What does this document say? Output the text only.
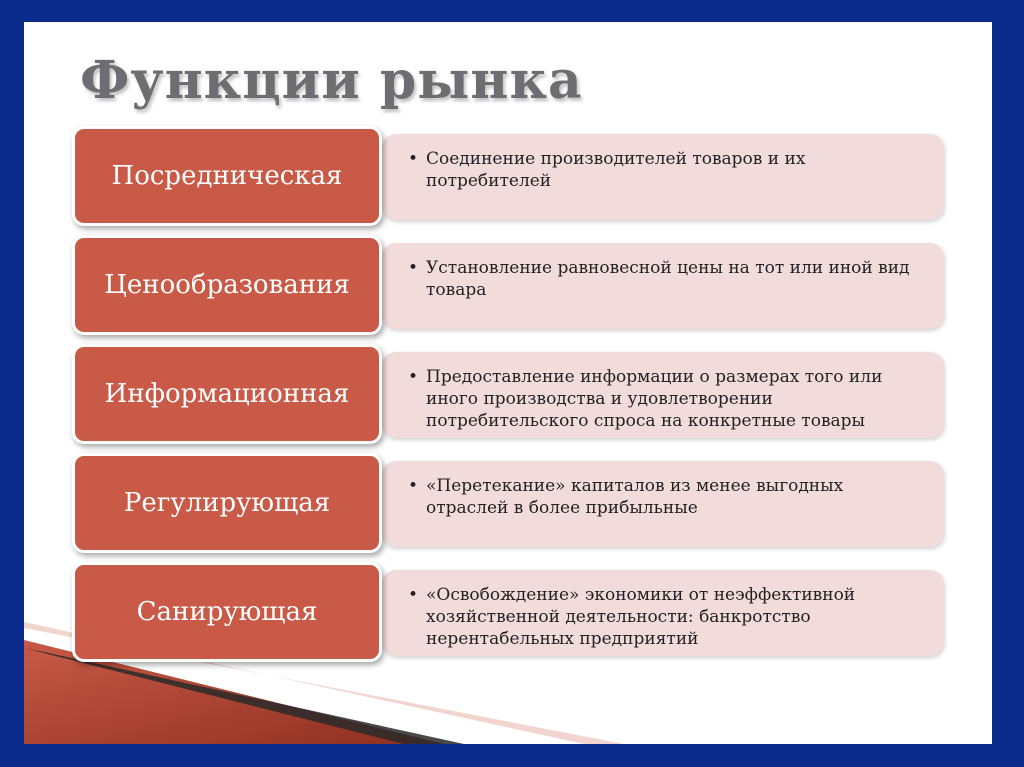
Функции рынка
• Соединение производителей товаров и их потребителей
Посредническая
• Установление равновесной цены на тот или иной вид товара
Ценообразования
• Предоставление информации о размерах того или иного производства и удовлетворении потребительского спроса на конкретные товары
Информационная
• «Перетекание» капиталов из менее выгодных отраслей в более прибыльные
Регулирующая
• «Освобождение» экономики от неэффективной хозяйственной деятельности: банкротство нерентабельных предприятий
Санирующая
